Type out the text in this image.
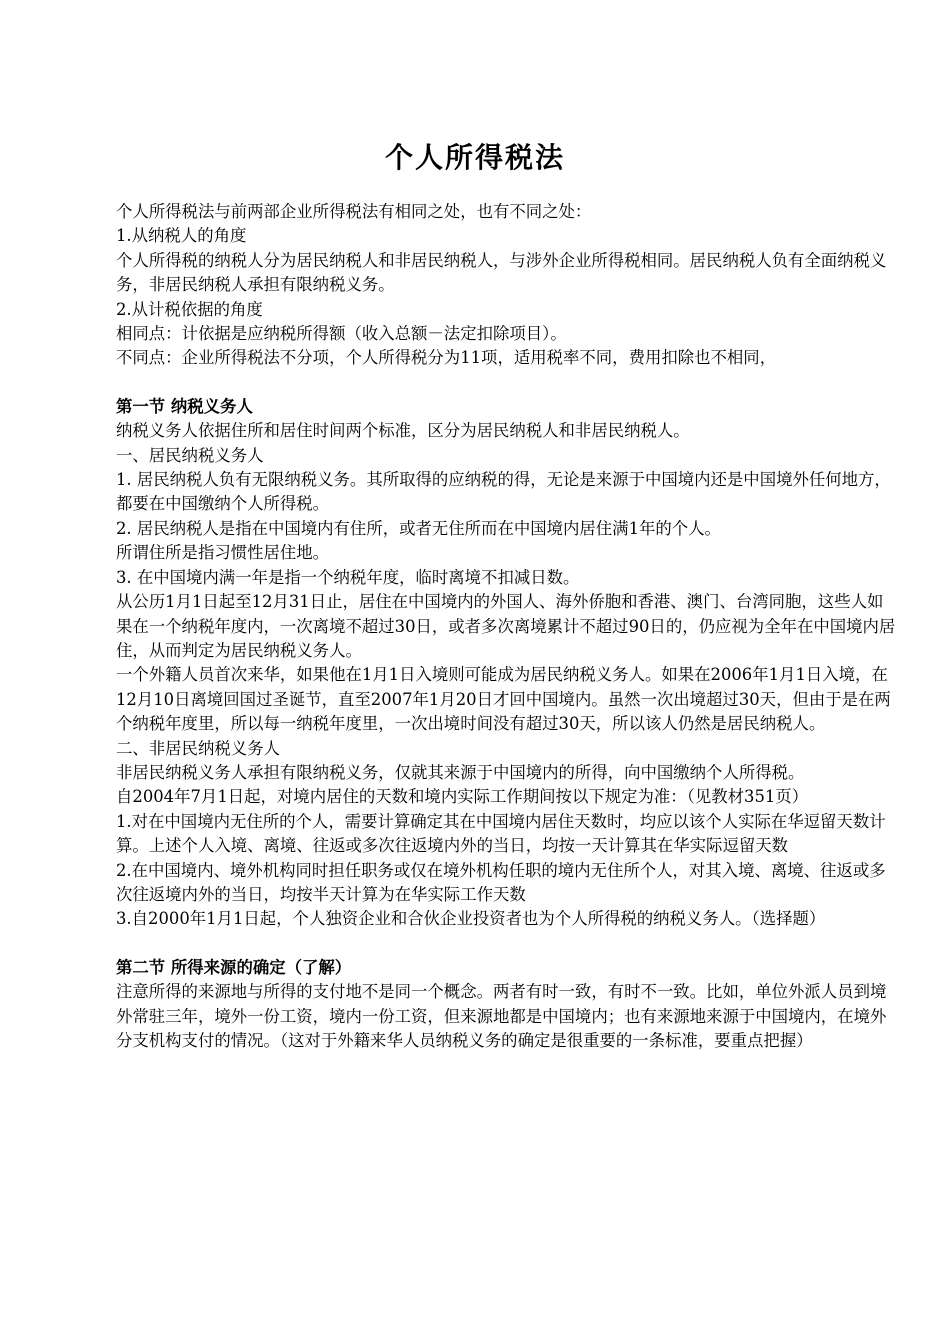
个人所得税法

个人所得税法与前两部企业所得税法有相同之处，也有不同之处：

1.从纳税人的角度

个人所得税的纳税人分为居民纳税人和非居民纳税人，与涉外企业所得税相同。居民纳税人负有全面纳税义务，非居民纳税人承担有限纳税义务。

2.从计税依据的角度

相同点：计依据是应纳税所得额（收入总额－法定扣除项目）。

不同点：企业所得税法不分项，个人所得税分为11项，适用税率不同，费用扣除也不相同，

第一节 纳税义务人

纳税义务人依据住所和居住时间两个标准，区分为居民纳税人和非居民纳税人。

一、居民纳税义务人

1. 居民纳税人负有无限纳税义务。其所取得的应纳税的得，无论是来源于中国境内还是中国境外任何地方，都要在中国缴纳个人所得税。

2. 居民纳税人是指在中国境内有住所，或者无住所而在中国境内居住满1年的个人。

所谓住所是指习惯性居住地。

3. 在中国境内满一年是指一个纳税年度，临时离境不扣减日数。

从公历1月1日起至12月31日止，居住在中国境内的外国人、海外侨胞和香港、澳门、台湾同胞，这些人如果在一个纳税年度内，一次离境不超过30日，或者多次离境累计不超过90日的，仍应视为全年在中国境内居住，从而判定为居民纳税义务人。

一个外籍人员首次来华，如果他在1月1日入境则可能成为居民纳税义务人。如果在2006年1月1日入境，在12月10日离境回国过圣诞节，直至2007年1月20日才回中国境内。虽然一次出境超过30天，但由于是在两个纳税年度里，所以每一纳税年度里，一次出境时间没有超过30天，所以该人仍然是居民纳税人。

二、非居民纳税义务人

非居民纳税义务人承担有限纳税义务，仅就其来源于中国境内的所得，向中国缴纳个人所得税。

自2004年7月1日起，对境内居住的天数和境内实际工作期间按以下规定为准：（见教材351页）

1.对在中国境内无住所的个人，需要计算确定其在中国境内居住天数时，均应以该个人实际在华逗留天数计算。上述个人入境、离境、往返或多次往返境内外的当日，均按一天计算其在华实际逗留天数

2.在中国境内、境外机构同时担任职务或仅在境外机构任职的境内无住所个人，对其入境、离境、往返或多次往返境内外的当日，均按半天计算为在华实际工作天数

3.自2000年1月1日起，个人独资企业和合伙企业投资者也为个人所得税的纳税义务人。（选择题）

第二节 所得来源的确定（了解）

注意所得的来源地与所得的支付地不是同一个概念。两者有时一致，有时不一致。比如，单位外派人员到境外常驻三年，境外一份工资，境内一份工资，但来源地都是中国境内；也有来源地来源于中国境内，在境外分支机构支付的情况。（这对于外籍来华人员纳税义务的确定是很重要的一条标准，要重点把握）
